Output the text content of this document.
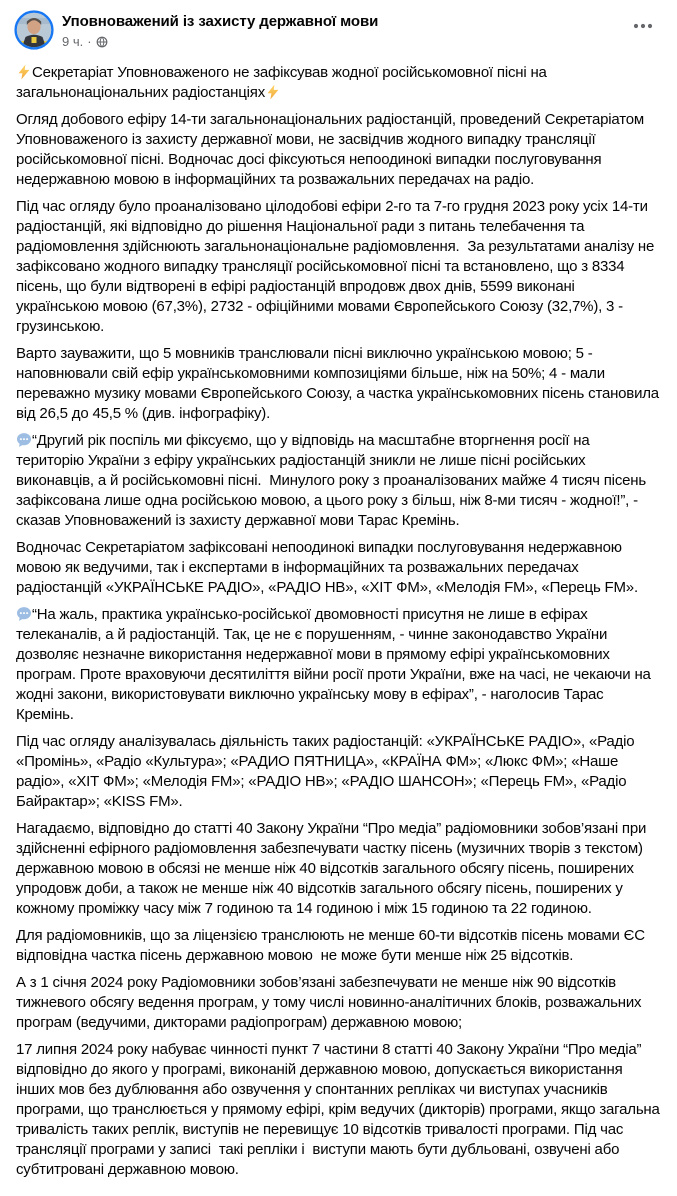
Уповноважений із захисту державної мови
9 ч. ·
Секретаріат Уповноваженого не зафіксував жодної російськомовної пісні на загальнонаціональних радіостанціях
Огляд добового ефіру 14-ти загальнонаціональних радіостанцій, проведений Секретаріатом Уповноваженого із захисту державної мови, не засвідчив жодного випадку трансляції російськомовної пісні. Водночас досі фіксуються непоодинокі випадки послуговування недержавною мовою в інформаційних та розважальних передачах на радіо.
Під час огляду було проаналізовано цілодобові ефіри 2-го та 7-го грудня 2023 року усіх 14-ти радіостанцій, які відповідно до рішення Національної ради з питань телебачення та радіомовлення здійснюють загальнонаціональне радіомовлення.  За результатами аналізу не зафіксовано жодного випадку трансляції російськомовної пісні та встановлено, що з 8334 пісень, що були відтворені в ефірі радіостанцій впродовж двох днів, 5599 виконані українською мовою (67,3%), 2732 - офіційними мовами Європейського Союзу (32,7%), 3 - грузинською.
Варто зауважити, що 5 мовників транслювали пісні виключно українською мовою; 5 - наповнювали свій ефір українськомовними композиціями більше, ніж на 50%; 4 - мали переважно музику мовами Європейського Союзу, а частка українськомовних пісень становила від 26,5 до 45,5 % (див. інфографіку).
“Другий рік поспіль ми фіксуємо, що у відповідь на масштабне вторгнення росії на територію України з ефіру українських радіостанцій зникли не лише пісні російських виконавців, а й російськомовні пісні.  Минулого року з проаналізованих майже 4 тисяч пісень зафіксована лише одна російською мовою, а цього року з більш, ніж 8-ми тисяч - жодної!”, - сказав Уповноважений із захисту державної мови Тарас Кремінь.
Водночас Секретаріатом зафіксовані непоодинокі випадки послуговування недержавною мовою як ведучими, так і експертами в інформаційних та розважальних передачах радіостанцій «УКРАЇНСЬКЕ РАДІО», «РАДІО НВ», «ХІТ ФМ», «Мелодія FM», «Перець FM».
“На жаль, практика українсько-російської двомовності присутня не лише в ефірах телеканалів, а й радіостанцій. Так, це не є порушенням, - чинне законодавство України дозволяє незначне використання недержавної мови в прямому ефірі українськомовних програм. Проте враховуючи десятиліття війни росії проти України, вже на часі, не чекаючи на жодні закони, використовувати виключно українську мову в ефірах”, - наголосив Тарас Кремінь.
Під час огляду аналізувалась діяльність таких радіостанцій: «УКРАЇНСЬКЕ РАДІО», «Радіо «Промінь», «Радіо «Культура»; «РАДИО ПЯТНИЦА», «КРАЇНА ФМ»; «Люкс ФМ»; «Наше радіо», «ХІТ ФМ»; «Мелодія FM»; «РАДІО НВ»; «РАДІО ШАНСОН»; «Перець FM», «Радіо Байрактар»; «KISS FM».
Нагадаємо, відповідно до статті 40 Закону України “Про медіа” радіомовники зобов’язані при здійсненні ефірного радіомовлення забезпечувати частку пісень (музичних творів з текстом) державною мовою в обсязі не менше ніж 40 відсотків загального обсягу пісень, поширених упродовж доби, а також не менше ніж 40 відсотків загального обсягу пісень, поширених у кожному проміжку часу між 7 годиною та 14 годиною і між 15 годиною та 22 годиною.
Для радіомовників, що за ліцензією транслюють не менше 60-ти відсотків пісень мовами ЄС відповідна частка пісень державною мовою  не може бути менше ніж 25 відсотків.
А з 1 січня 2024 року Радіомовники зобов’язані забезпечувати не менше ніж 90 відсотків тижневого обсягу ведення програм, у тому числі новинно-аналітичних блоків, розважальних програм (ведучими, дикторами радіопрограм) державною мовою;
17 липня 2024 року набуває чинності пункт 7 частини 8 статті 40 Закону України “Про медіа” відповідно до якого у програмі, виконаній державною мовою, допускається використання інших мов без дублювання або озвучення у спонтанних репліках чи виступах учасників програми, що транслюється у прямому ефірі, крім ведучих (дикторів) програми, якщо загальна тривалість таких реплік, виступів не перевищує 10 відсотків тривалості програми. Під час трансляції програми у записі  такі репліки і  виступи мають бути дубльовані, озвучені або субтитровані державною мовою.
